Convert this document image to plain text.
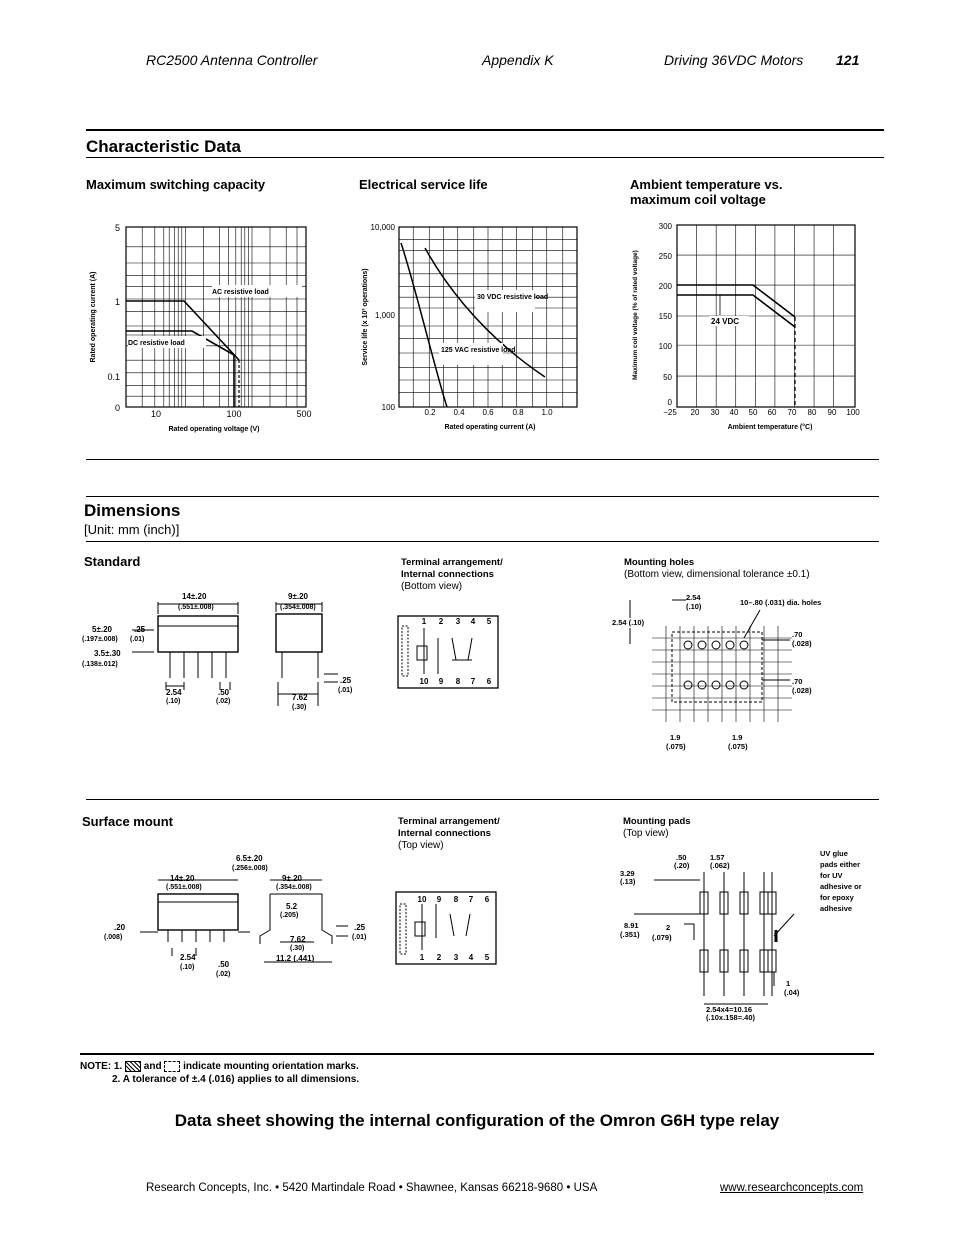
RC2500 Antenna Controller	Appendix K	Driving 36VDC Motors 121
Characteristic Data
Maximum switching capacity	Electrical service life	Ambient temperature vs. maximum coil voltage
5
1
0.1
0
10	100	500
Rated operating voltage (V)
Rated operating current (A)	AC resistive load
DC resistive load
10,000
1,000
100
0.2 0.4 0.6 0.8 1.0
Rated operating current (A)
Service life (x 10³ operations)	30 VDC resistive load
125 VAC resistive load
300
250
200
150
100
50
0
−25 20 30 40 50 60 70 80 90 100
Ambient temperature (°C)
Maximum coil voltage (% of rated voltage)	24 VDC
Dimensions
[Unit: mm (inch)]
Standard	Terminal arrangement/
Internal connections
(Bottom view)
Mounting holes
(Bottom view, dimensional tolerance ±0.1)
14±.20
(.551±.008)
9±.20
(.354±.008)
5±.20
(.197±.008)
.25
(.01)
3.5±.30
(.138±.012)
2.54
(.10)
.50
(.02)	7.62
(.30)
.25
(.01)
1 2 3 4 5
10 9 8 7 6
2.54
(.10)	10–.80 (.031) dia. holes
2.54 (.10)
.70
(.028)
.70
(.028)
1.9
(.075)
1.9
(.075)
Surface mount	Terminal arrangement/
Internal connections
(Top view)
Mounting pads
(Top view)
6.5±.20
(.256±.008)
14±.20
(.551±.008)
9±.20
(.354±.008)
5.2
(.205)
.20
(.008)
.25
(.01)
7.62
(.30)
11.2 (.441)
2.54
(.10)	.50
(.02)
10 9 8 7 6
1 2 3 4 5
.50
(.20)
1.57
(.062)
3.29
(.13)
8.91
(.351)
2
(.079)
1
(.04)
2.54x4=10.16
(.10x.158=.40)
UV glue
pads either
for UV
adhesive or
for epoxy
adhesive
NOTE: 1. and indicate mounting orientation marks.
2. A tolerance of ±.4 (.016) applies to all dimensions.
Data sheet showing the internal configuration of the Omron G6H type relay
Research Concepts, Inc. • 5420 Martindale Road • Shawnee, Kansas 66218-9680 • USA	www.researchconcepts.com
